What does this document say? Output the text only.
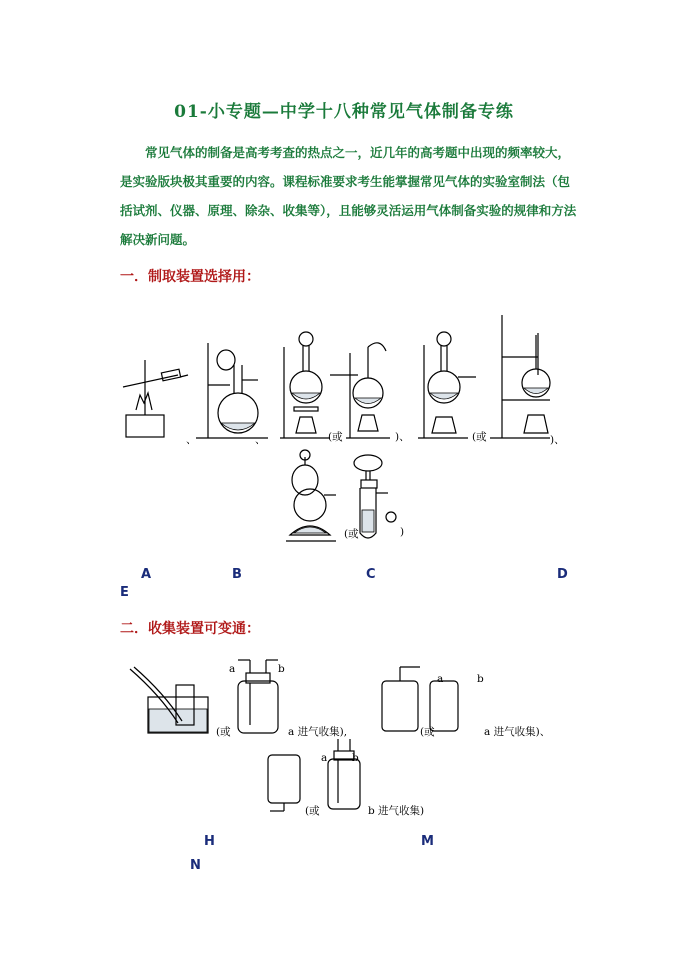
01-小专题—中学十八种常见气体制备专练

常见气体的制备是高考考查的热点之一，近几年的高考题中出现的频率较大，是实验版块极其重要的内容。课程标准要求考生能掌握常见气体的实验室制法（包括试剂、仪器、原理、除杂、收集等），且能够灵活运用气体制备实验的规律和方法解决新问题。

一．制取装置选择用：
、	、	(或	)、	(或	)、
(或	)
A	B	C	D
E
二．收集装置可变通：
a	b
a	b
a b
(或	a 进气收集),	(或	a 进气收集)、
(或	b 进气收集)
H	M
N
